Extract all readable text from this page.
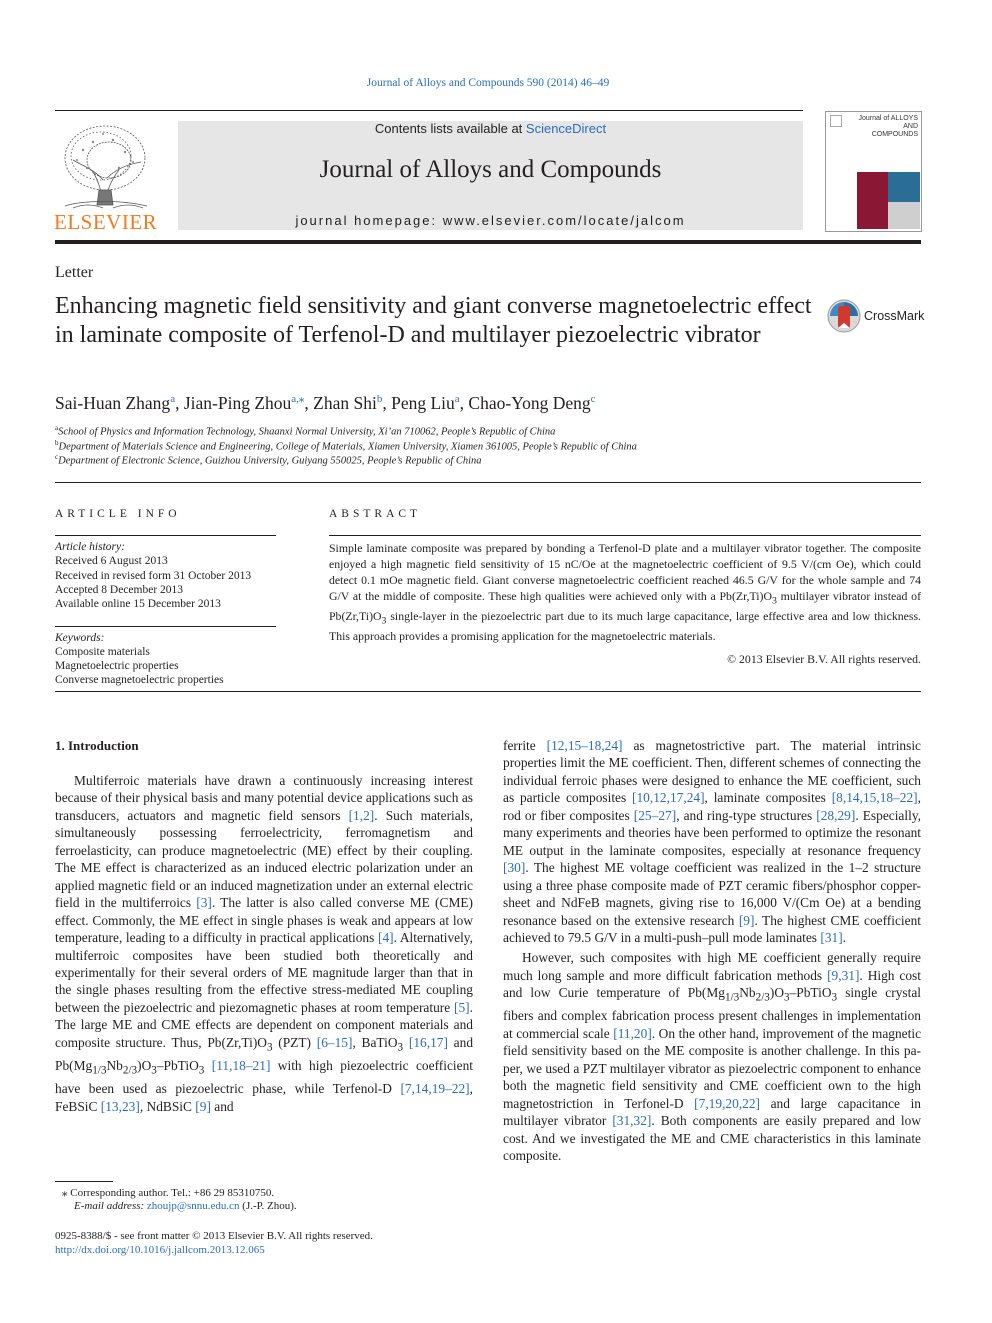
Journal of Alloys and Compounds 590 (2014) 46–49
ELSEVIER
Contents lists available at ScienceDirect
Journal of Alloys and Compounds
journal homepage: www.elsevier.com/locate/jalcom
Journal of ALLOYS AND COMPOUNDS
Letter
Enhancing magnetic field sensitivity and giant converse magnetoelectric effect in laminate composite of Terfenol-D and multilayer piezoelectric vibrator
CrossMark
Sai-Huan Zhang$^a$, Jian-Ping Zhou$^{a,⁎}$, Zhan Shi$^b$, Peng Liu$^a$, Chao-Yong Deng$^c$
$^a$School of Physics and Information Technology, Shaanxi Normal University, Xi’an 710062, People’s Republic of China
$^b$Department of Materials Science and Engineering, College of Materials, Xiamen University, Xiamen 361005, People’s Republic of China
$^c$Department of Electronic Science, Guizhou University, Guiyang 550025, People’s Republic of China
ARTICLE INFO
Article history:
Received 6 August 2013
Received in revised form 31 October 2013
Accepted 8 December 2013
Available online 15 December 2013
Keywords:
Composite materials
Magnetoelectric properties
Converse magnetoelectric properties
ABSTRACT
Simple laminate composite was prepared by bonding a Terfenol-D plate and a multilayer vibrator together. The composite enjoyed a high magnetic field sensitivity of 15 nC/Oe at the magnetoelectric coefficient of 9.5 V/(cm Oe), which could detect 0.1 mOe magnetic field. Giant converse magnetoelectric coefficient reached 46.5 G/V for the whole sample and 74 G/V at the middle of composite. These high qualities were achieved only with a $Pb(Zr,Ti)O_3$ multilayer vibrator instead of $Pb(Zr,Ti)O_3$ single-layer in the piezoelectric part due to its much large capacitance, large effective area and low thickness. This approach provides a promising application for the magnetoelectric materials.
© 2013 Elsevier B.V. All rights reserved.
1. Introduction

Multiferroic materials have drawn a continuously increasing interest because of their physical basis and many potential device applications such as transducers, actuators and magnetic field sensors [1,2]. Such materials, simultaneously possessing ferroelectricity, ferromagnetism and ferroelasticity, can produce magnetoelectric (ME) effect by their coupling. The ME effect is characterized as an induced electric polarization under an applied magnetic field or an induced magnetization under an external electric field in the multiferroics [3]. The latter is also called converse ME (CME) effect. Commonly, the ME effect in single phases is weak and appears at low temperature, leading to a difficulty in practical applications [4]. Alternatively, multiferroic composites have been studied both theoretically and experimentally for their several orders of ME magnitude larger than that in the single phases resulting from the effective stress-mediated ME coupling between the piezoelectric and piezomagnetic phases at room temperature [5]. The large ME and CME effects are dependent on component materials and composite structure. Thus, $Pb(Zr,Ti)O_3$ (PZT) [6–15], BaTiO$_3$ [16,17] and $Pb(Mg_{1/3}Nb_{2/3})O_3-PbTiO_3$ [11,18–21] with high piezoelectric coefficient have been used as piezoelectric phase, while Terfenol-D [7,14,19–22], FeBSiC [13,23], NdBSiC [9] and

ferrite [12,15–18,24] as magnetostrictive part. The material intrinsic properties limit the ME coefficient. Then, different schemes of connecting the individual ferroic phases were designed to enhance the ME coefficient, such as particle composites [10,12,17,24], laminate composites [8,14,15,18–22], rod or fiber composites [25–27], and ring-type structures [28,29]. Especially, many experiments and theories have been performed to optimize the resonant ME output in the laminate composites, especially at resonance frequency [30]. The highest ME voltage coefficient was realized in the 1–2 structure using a three phase composite made of PZT ceramic fibers/phosphor copper-sheet and NdFeB magnets, giving rise to 16,000 V/(Cm Oe) at a bending resonance based on the extensive research [9]. The highest CME coefficient achieved to 79.5 G/V in a multi-push–pull mode laminates [31].

However, such composites with high ME coefficient generally require much long sample and more difficult fabrication methods [9,31]. High cost and low Curie temperature of $Pb(Mg_{1/3}Nb_{2/3})O_3-PbTiO_3$ single crystal fibers and complex fabrication process present challenges in implementation at commercial scale [11,20]. On the other hand, improvement of the magnetic field sensitivity based on the ME composite is another challenge. In this paper, we used a PZT multilayer vibrator as piezoelectric component to enhance both the magnetic field sensitivity and CME coefficient own to the high magnetostriction in Terfonel-D [7,19,20,22] and large capacitance in multilayer vibrator [31,32]. Both components are easily prepared and low cost. And we investigated the ME and CME characteristics in this laminate composite.

⁎ Corresponding author. Tel.: +86 29 85310750.
E-mail address: zhoujp@snnu.edu.cn (J.-P. Zhou).
0925-8388/$ - see front matter © 2013 Elsevier B.V. All rights reserved.
http://dx.doi.org/10.1016/j.jallcom.2013.12.065
